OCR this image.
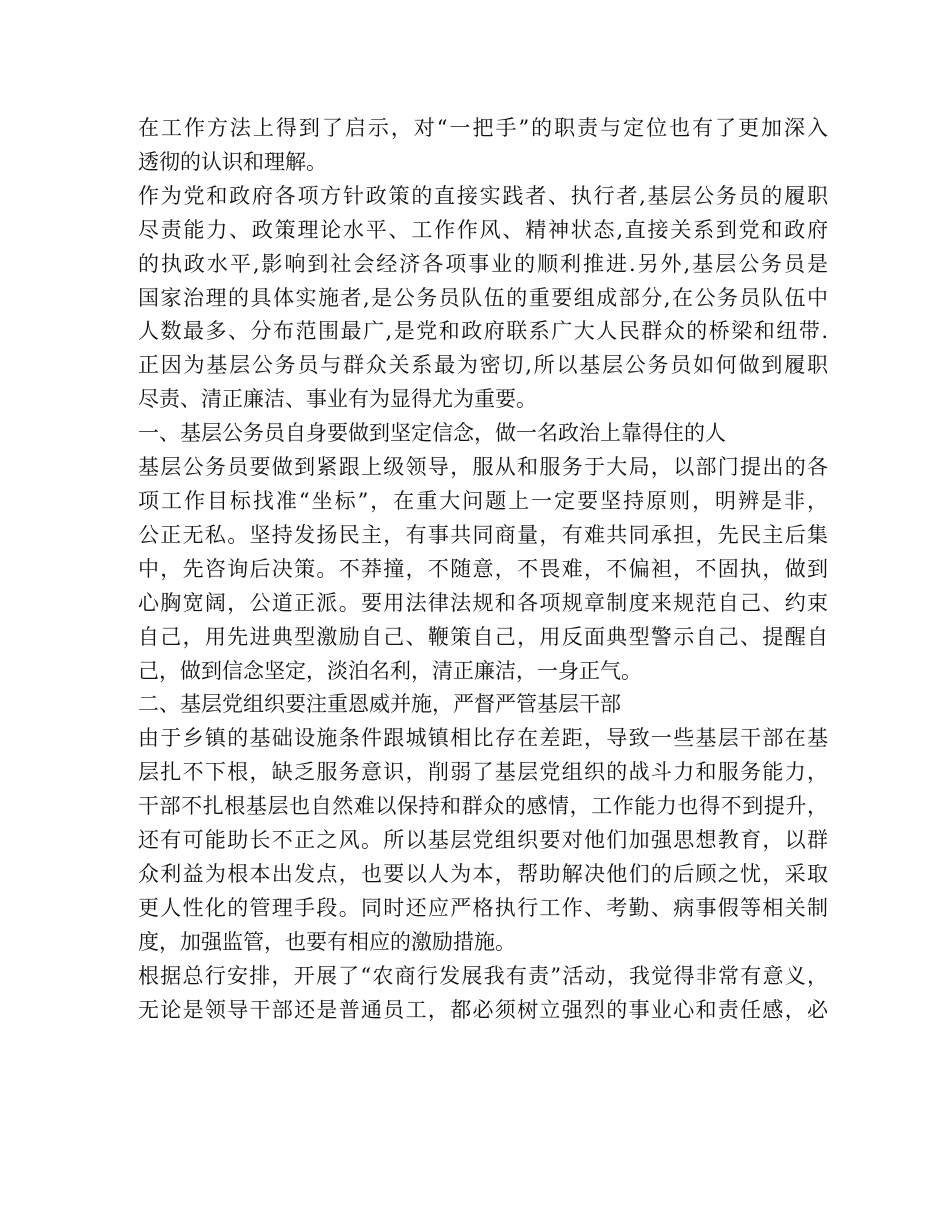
在工作方法上得到了启示，对“一把手”的职责与定位也有了更加深入
透彻的认识和理解。
作为党和政府各项方针政策的直接实践者、执行者,基层公务员的履职
尽责能力、政策理论水平、工作作风、精神状态,直接关系到党和政府
的执政水平,影响到社会经济各项事业的顺利推进.另外,基层公务员是
国家治理的具体实施者,是公务员队伍的重要组成部分,在公务员队伍中
人数最多、分布范围最广,是党和政府联系广大人民群众的桥梁和纽带.
正因为基层公务员与群众关系最为密切,所以基层公务员如何做到履职
尽责、清正廉洁、事业有为显得尤为重要。
一、基层公务员自身要做到坚定信念，做一名政治上靠得住的人
基层公务员要做到紧跟上级领导，服从和服务于大局，以部门提出的各
项工作目标找准“坐标”，在重大问题上一定要坚持原则，明辨是非，
公正无私。坚持发扬民主，有事共同商量，有难共同承担，先民主后集
中，先咨询后决策。不莽撞，不随意，不畏难，不偏袒，不固执，做到
心胸宽阔，公道正派。要用法律法规和各项规章制度来规范自己、约束
自己，用先进典型激励自己、鞭策自己，用反面典型警示自己、提醒自
己，做到信念坚定，淡泊名利，清正廉洁，一身正气。
二、基层党组织要注重恩威并施，严督严管基层干部
由于乡镇的基础设施条件跟城镇相比存在差距，导致一些基层干部在基
层扎不下根，缺乏服务意识，削弱了基层党组织的战斗力和服务能力，
干部不扎根基层也自然难以保持和群众的感情，工作能力也得不到提升，
还有可能助长不正之风。所以基层党组织要对他们加强思想教育，以群
众利益为根本出发点，也要以人为本，帮助解决他们的后顾之忧，采取
更人性化的管理手段。同时还应严格执行工作、考勤、病事假等相关制
度，加强监管，也要有相应的激励措施。
根据总行安排，开展了“农商行发展我有责”活动，我觉得非常有意义，
无论是领导干部还是普通员工，都必须树立强烈的事业心和责任感，必
